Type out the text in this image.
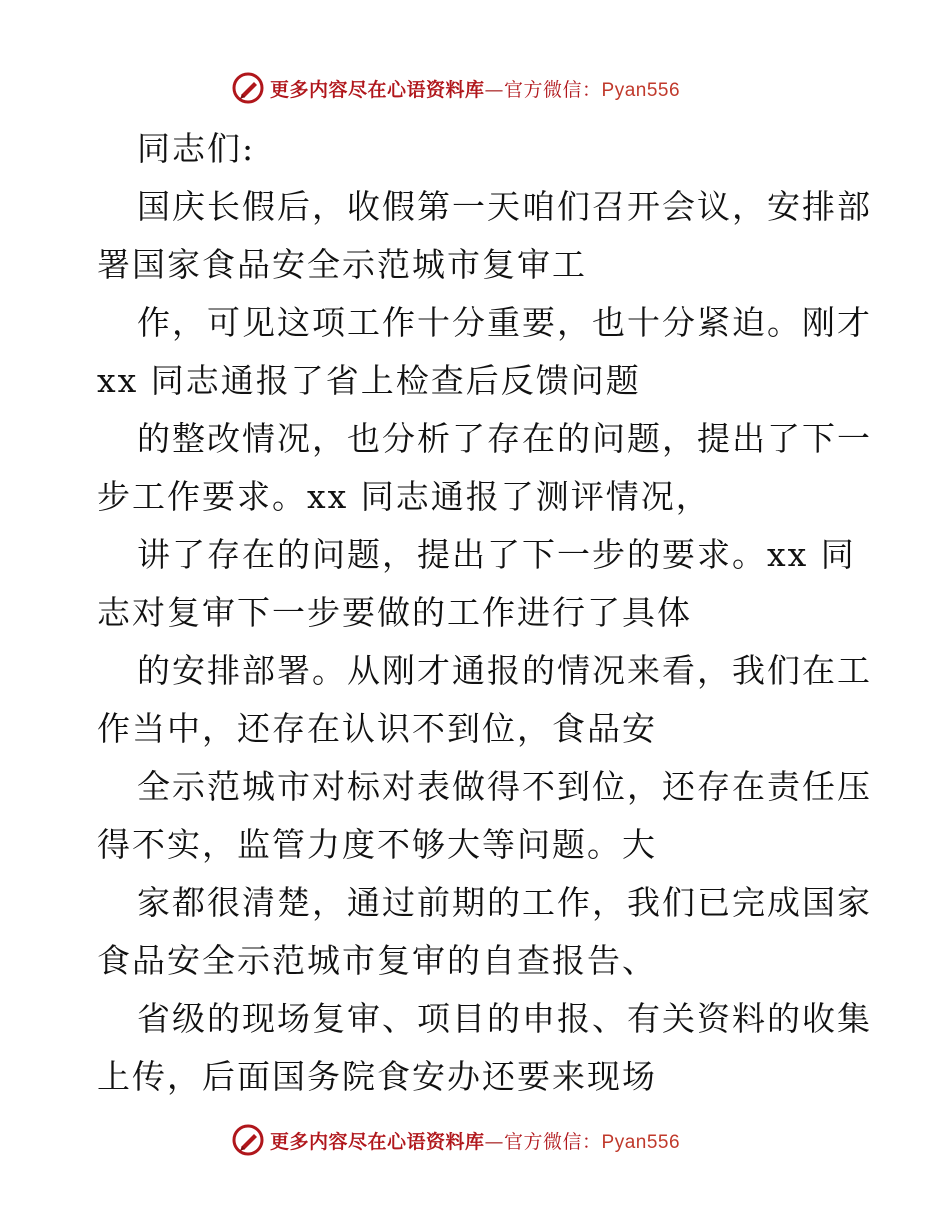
更多内容尽在心语资料库—官方微信：Pyan556
同志们:
国庆长假后，收假第一天咱们召开会议，安排部
署国家食品安全示范城市复审工
作，可见这项工作十分重要，也十分紧迫。刚才
xx 同志通报了省上检查后反馈问题
的整改情况，也分析了存在的问题，提出了下一
步工作要求。xx 同志通报了测评情况，
讲了存在的问题，提出了下一步的要求。xx 同
志对复审下一步要做的工作进行了具体
的安排部署。从刚才通报的情况来看，我们在工
作当中，还存在认识不到位，食品安
全示范城市对标对表做得不到位，还存在责任压
得不实，监管力度不够大等问题。大
家都很清楚，通过前期的工作，我们已完成国家
食品安全示范城市复审的自查报告、
省级的现场复审、项目的申报、有关资料的收集
上传，后面国务院食安办还要来现场
更多内容尽在心语资料库—官方微信：Pyan556
